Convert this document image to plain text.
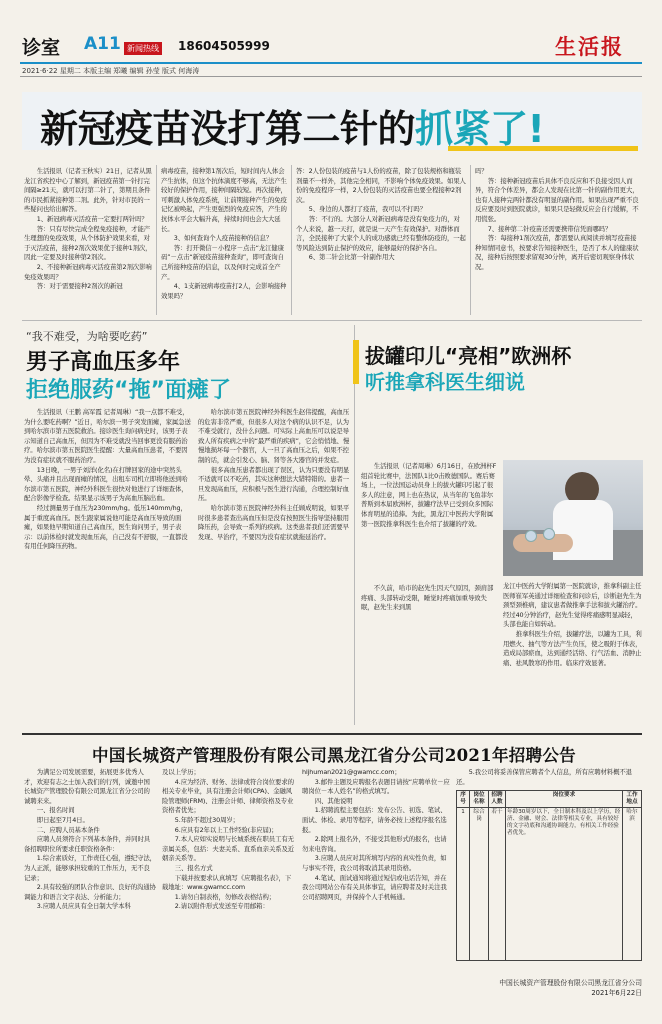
诊室 A11 新闻热线 18604505999	生活报
2021·6·22 星期二 本版主编 郑曦 编辑 孙莹 版式 何海涛
新冠疫苗没打第二针的抓紧了!
生活报讯（记者王秋实）21日，记者从黑龙江省疾控中心了解到，新冠疫苗第一针打完间隔≥21天，就可以打第二针了，第期且条件的市民抓紧接种第二剂。此外，针对市民的一些疑问也给出解答。
1、新冠病毒灭活疫苗一定要打两针吗？
答：只有尽快完成全程免疫接种，才能产生理想的免疫效果，从个体防护效果来看，对于灭活疫苗，接种2剂次效果优于接种1剂次，因此一定要及时接种第2剂次。
2、不接种新冠病毒灭活疫苗第2剂次影响免疫效果吗？
答：对于需要接种2剂次的新冠
病毒疫苗，接种第1剂次后，短时间内人体会产生抗体，但这个抗体滴度不够高，无法产生较好的保护作用，接种间隔较短。再次接种，可刺激人体免疫系统，让前期接种产生的免疫记忆被唤起，产生更强烈的免疫应答，产生的抗体水平会大幅升高，持续时间也会大大延长。
3、如何查询个人疫苗接种的信息？
答：打开微信－小程序－点击“龙江健康码”－点击“新冠疫苗接种查询”，即可查询自己所接种疫苗的信息，以及何时完成首全产产。
4、1支新冠病毒疫苗打2人，会影响接种效果吗？
答：2人份包装的疫苗与1人份的疫苗，除了包装规格和瓶装剂量不一样外，其他完全相同，不影响个体免疫效果。如果人份的免疫程序一样，2人份包装的灭活疫苗也要全程接种2剂次。
5、身边的人都打了疫苗，我可以不打吗？
答：不行的。大部分人对新冠病毒是没有免疫力的，对个人来说，越一天打，就是说一天产生有效保护。对群体而言，全民接种了大家个人的成功感就已经有整体防疫的，一起等风险达到防止保护的效应，能够最好的保护各自。
6、第二针会比第一针副作用大
吗？
答：接种新冠疫苗后具体不良反应和不良接受因人而异，符合个体差异，都会人发现在比第一针的副作用更大，也有人接种完两针都没有明显的副作用。如果出现严重不良反应要及时到医院就诊，如果只是轻微反应会自行缓解，不用慌张。
7、接种第二针疫苗还需要携带信凭面哪吗？
答：每接种1剂次疫苗，都需要认真阅读并填写疫苗接种知情同意书，按要求告知接种医生，是否了本人的健康状况，接种后按照要求留观30分钟，离开后密切观察身体状况。
“我不难受，为啥要吃药”
男子高血压多年
拒绝服药“拖”面瘫了
生活报讯（王鹏 高军霞 记者周琳）“我一点都不难受，为什么要吃药啊？”近日，哈尔滨一男子突发面瘫，家属急送到哈尔滨市第五医院救治。接诊医生询问病史时，该男子表示知道自己高血压，但因为不难受就没当回事更没有服药治疗。哈尔滨市第五医院医生提醒：大量高血压患者，不要因为没有症状就不服药治疗。
13日晚，一男子刘洋(化名)在打牌回家的途中突然头晕、头痛并且出现面瘫的情况，出租车司机立即将他送到哈尔滨市第五医院，神经外科医生很快对他进行了详细查体，配合影像学检查。结果显示该男子为高血压脑出血。
经过测量男子血压为230mm/hg。低压140mm/hg，属于重度高血压。医生跟家属说他可能是高血压导致的面瘫，如果他早期知道自己高血压，医生询问男子，男子表示：以前体检时就发现血压高，自己没有不舒服，一直都没有用任何降压药物。
哈尔滨市第五医院神经外科医生赵伟提醒，高血压的危害非常严重，但很多人对这个病的认识不足，认为不难受就行，没什么问题。可实际上高血压可以说是导致人所有疾病之中的“最严重的疾病”，它会悄悄地、慢慢地损坏每一个器官，人一旦了高血压之后，如果不控制的话，就会引发心、脑、肾等各大器官的并发症。
很多高血压患者都出现了误区，认为只要没有明显不适就可以不吃药，其实这种想法大错特错的。患者一旦发现高血压，应积极与医生进行沟通，合理控制好血压。
哈尔滨市第五医院神经外科主任顾成明说，如果平时很多患者查出高血压但是没有按照医生指导坚持服用降压药，会导致一系列的疾病。这类患者我们还需要早发现、早治疗，不要因为没有症状就拖延治疗。
拔罐印儿“亮相”欧洲杯
听推拿科医生细说
生活报讯（记者周琳）6月16日，在欧洲杯F组首轮比赛中，法国队1比0击败德国队。赛后赛场上，一位法国运动员身上的拔火罐印引起了很多人的注意，网上也在热议，从当年的飞鱼菲尔普斯到本届欧洲杯，拔罐疗法早已受到众多国际体育明星的追捧。为此，黑龙江中医药大学附属第一医院推拿科医生也介绍了拔罐的疗效。
不久前，哈市的赵先生因天气原因，颈肩部疼痛、头部转动受限，睡觉时疼痛加重导致失眠，赵先生来到黑
龙江中医药大学附属第一医院就诊，推拿科副主任医师崔军英通过详细检查和问诊后，诊断赵先生为颈型颈椎病，建议患者做推拿手法和拔火罐治疗。经过40分钟治疗，赵先生觉得疼痛感明显减轻，头部也能自如转动。
推拿科医生介绍，拔罐疗法，以罐为工具，利用燃火、抽气等方法产生负压，使之吸附于体表，造成局部瘀血，达到通经活络、行气活血、消肿止痛、祛风散寒的作用。临床疗效显著。
中国长城资产管理股份有限公司黑龙江省分公司2021年招聘公告
为满足公司发展需要，拓展更多优秀人才，欢迎有志之士加入我们的行列，诚邀中国长城资产管理股份有限公司黑龙江省分公司的诚聘来来。
一、报名时间
即日起至7月4日。
二、应聘人员基本条件
应聘人员须符合下列基本条件，并同时具备招聘职位所要求任职资格条件：
1.综合素质好，工作责任心强，遵纪守法，为人正派，能够承担较重的工作压力，无不良记录；
2.具有较强的团队合作意识、良好的沟通协调能力和语言文字表达、分析能力；
3.应聘人员应具有全日制大学本科
及以上学历；
4.应为经济、财务、法律或符合岗位要求的相关专业毕业，具有注册会计师(CPA)、金融风险管理师(FRM)、注册会计师、律师资格及专业资格者优先；
5.年龄不超过30周岁；
6.应具有2年以上工作经验(非应届)；
7.本人应如实说明与长城系统在职员工有无亲属关系，包括：夫妻关系、直系血亲关系及近姻亲关系等。
三、报名方式
下载并按要求认真填写《应聘报名表》，下载地址：www.gwamcc.com
1.请勿自制表格，勿修改表格结构；
2.请以附件形式发送至专用邮箱：
hljhuman2021@gwamcc.com；
3.邮件主题及应聘报名表题目请按“应聘单位－应聘岗位－本人姓名”的格式填写。
四、其他说明
1.招聘流程主要包括：发布公告、初选、笔试、面试、体检、录用等程序，请务必按上述程序报名选报。
2.除网上报名外，不接受其他形式的报名，也请勿来电咨询。
3.应聘人员应对其所填写内容的真实性负责，如与事实不符，我公司将取消其录用资格。
4.笔试、面试通知将通过短信或电话告知，并在我公司网站公布有关具体事宜，请应聘者及时关注我公司招聘网页，并保持个人手机畅通。
5.我公司将妥善保管应聘者个人信息，所有应聘材料概不退还。
序号	岗位名称	招聘人数	岗位要求	工作地点
1	综合岗	若干	年龄30周岁以下，全日制本科及以上学历，经济、金融、财会、法律等相关专业，具有较好的文字功底和沟通协调能力，有相关工作经验者优先。	哈尔滨
中国长城资产管理股份有限公司黑龙江省分公司
2021年6月22日
